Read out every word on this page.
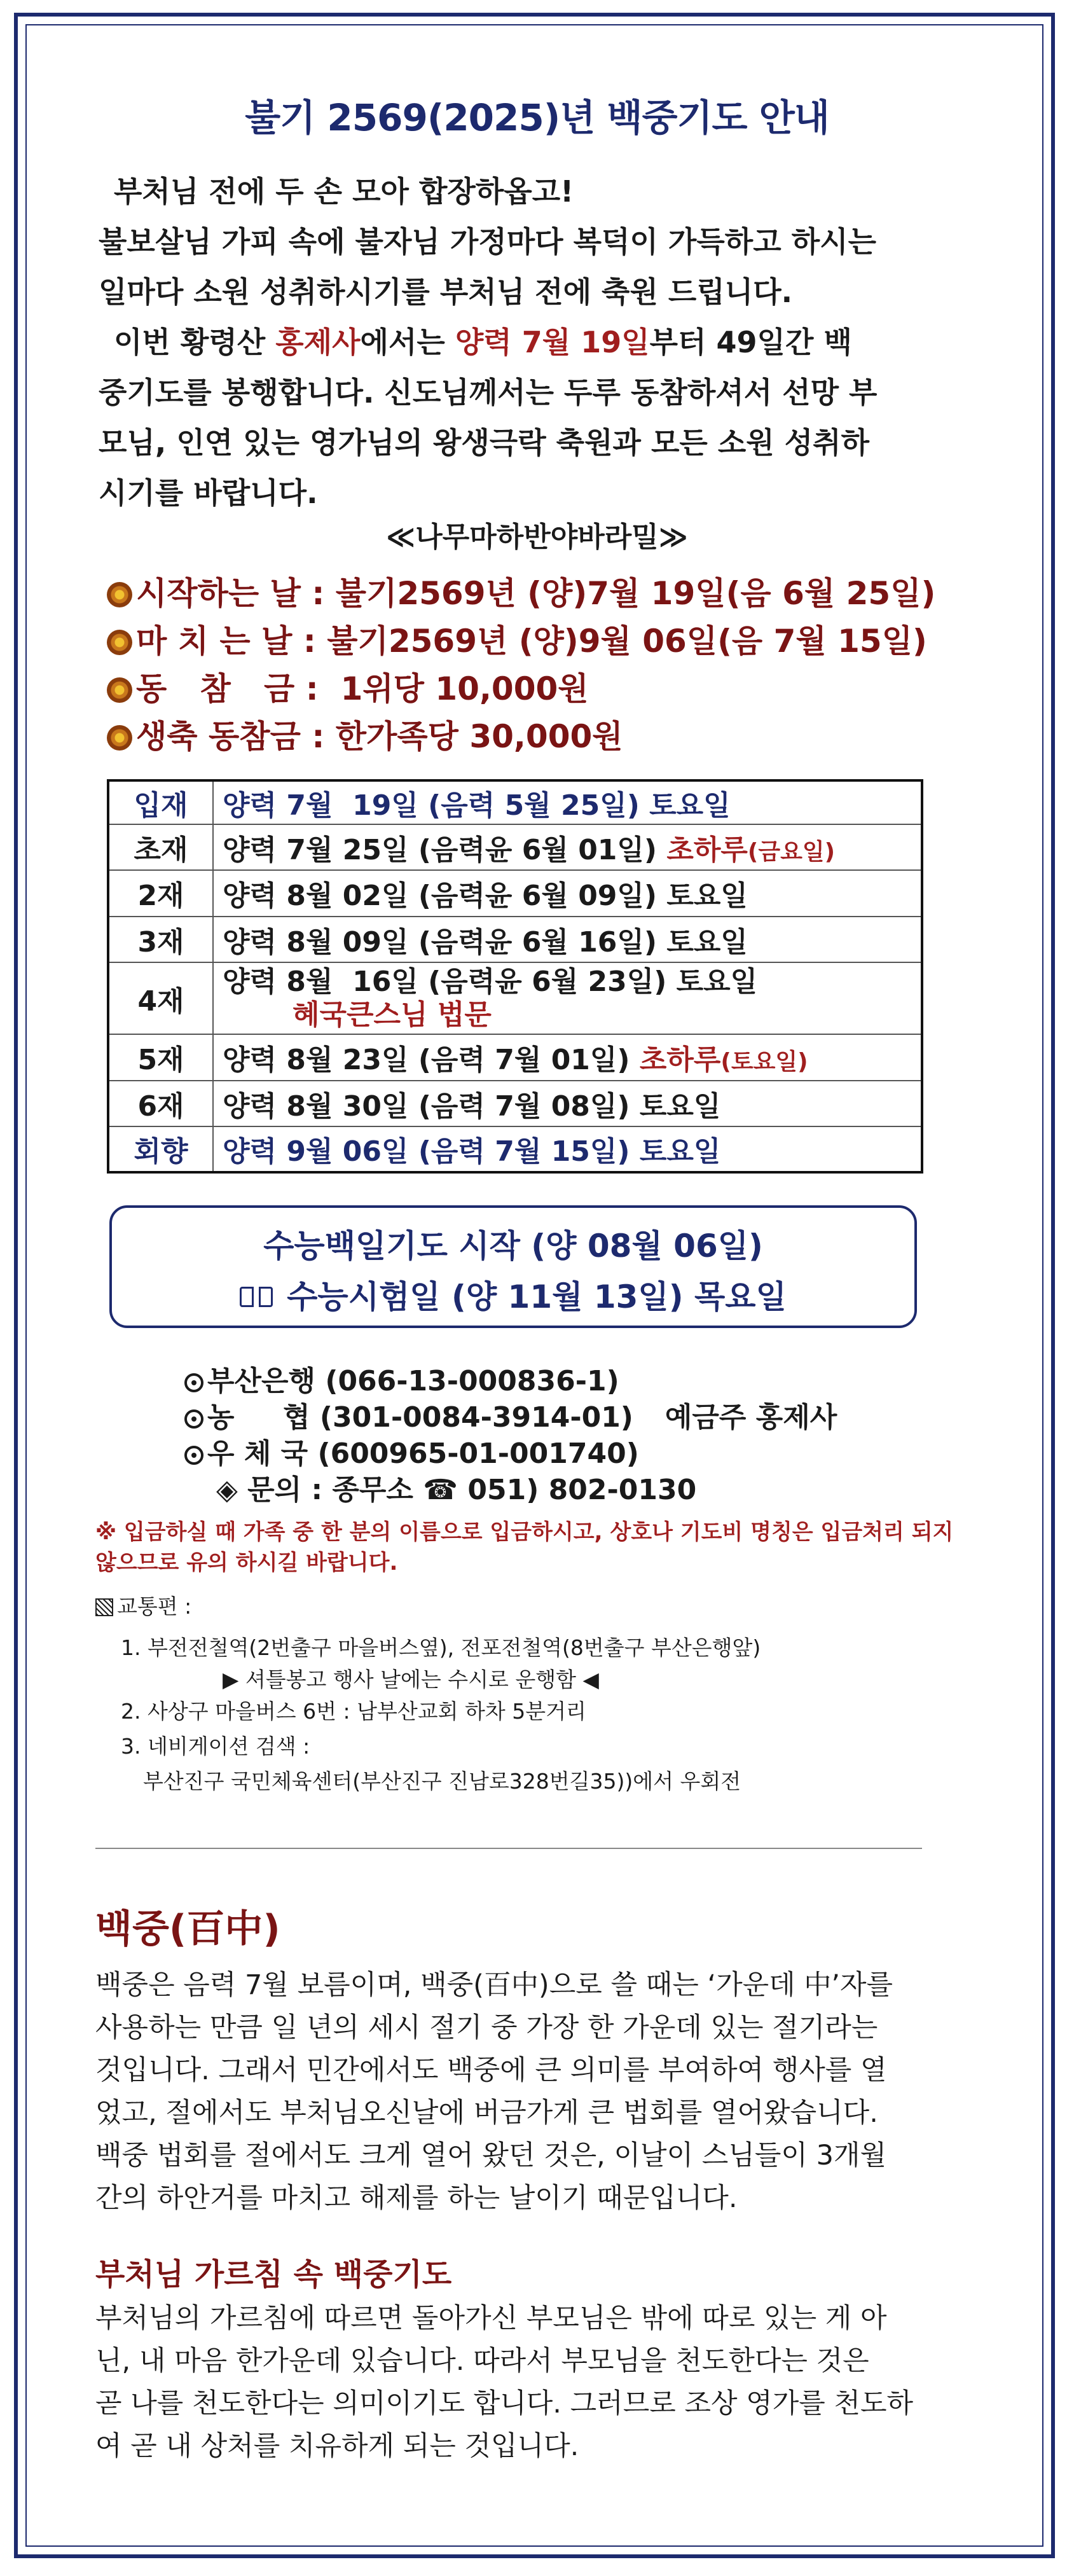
불기 2569(2025)년 백중기도 안내
부처님 전에 두 손 모아 합장하옵고!
불보살님 가피 속에 불자님 가정마다 복덕이 가득하고 하시는
일마다 소원 성취하시기를 부처님 전에 축원 드립니다.
이번 황령산 홍제사에서는 양력 7월 19일부터 49일간 백
중기도를 봉행합니다. 신도님께서는 두루 동참하셔서 선망 부
모님, 인연 있는 영가님의 왕생극락 축원과 모든 소원 성취하
시기를 바랍니다.
≪나무마하반야바라밀≫
시작하는 날 : 불기2569년 (양)7월 19일(음 6월 25일)
마 치 는 날 : 불기2569년 (양)9월 06일(음 7월 15일)
동   참   금 :  1위당 10,000원
생축 동참금 : 한가족당 30,000원
입재	양력 7월  19일 (음력 5월 25일) 토요일
초재	양력 7월 25일 (음력윤 6월 01일) 초하루(금요일)
2재	양력 8월 02일 (음력윤 6월 09일) 토요일
3재	양력 8월 09일 (음력윤 6월 16일) 토요일
4재	양력 8월  16일 (음력윤 6월 23일) 토요일
혜국큰스님 법문

5재	양력 8월 23일 (음력 7월 01일) 초하루(토요일)
6재	양력 8월 30일 (음력 7월 08일) 토요일
회향	양력 9월 06일 (음력 7월 15일) 토요일
수능백일기도 시작 (양 08월 06일)
수능시험일 (양 11월 13일) 목요일
부산은행 (066-13-000836-1)
농     협 (301-0084-3914-01) 예금주 홍제사
우 체 국 (600965-01-001740)
◈ 문의 : 종무소 ☎ 051) 802-0130
※ 입금하실 때 가족 중 한 분의 이름으로 입금하시고, 상호나 기도비 명칭은 입금처리 되지 않으므로 유의 하시길 바랍니다.
교통편 :
1. 부전전철역(2번출구 마을버스옆), 전포전철역(8번출구 부산은행앞)
▶ 셔틀봉고 행사 날에는 수시로 운행함 ◀
2. 사상구 마을버스 6번 : 남부산교회 하차 5분거리
3. 네비게이션 검색 :
부산진구 국민체육센터(부산진구 진남로328번길35))에서 우회전
백중(百中)
백중은 음력 7월 보름이며, 백중(百中)으로 쓸 때는 ‘가운데 中’자를
사용하는 만큼 일 년의 세시 절기 중 가장 한 가운데 있는 절기라는
것입니다. 그래서 민간에서도 백중에 큰 의미를 부여하여 행사를 열
었고, 절에서도 부처님오신날에 버금가게 큰 법회를 열어왔습니다.
백중 법회를 절에서도 크게 열어 왔던 것은, 이날이 스님들이 3개월
간의 하안거를 마치고 해제를 하는 날이기 때문입니다.
부처님 가르침 속 백중기도
부처님의 가르침에 따르면 돌아가신 부모님은 밖에 따로 있는 게 아
닌, 내 마음 한가운데 있습니다. 따라서 부모님을 천도한다는 것은
곧 나를 천도한다는 의미이기도 합니다. 그러므로 조상 영가를 천도하
여 곧 내 상처를 치유하게 되는 것입니다.
